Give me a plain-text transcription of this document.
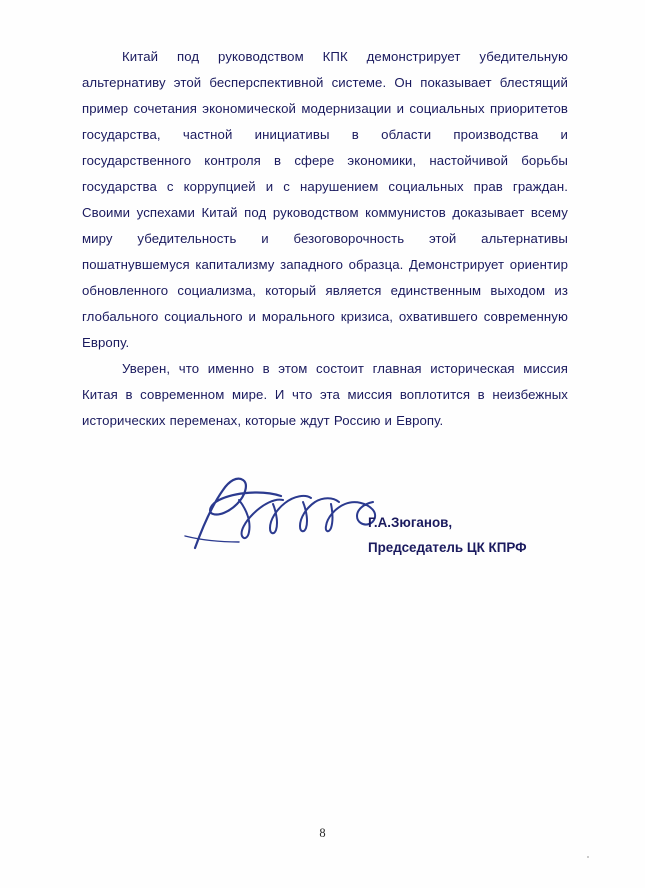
Китай под руководством КПК демонстрирует убедительную альтернативу этой бесперспективной системе. Он показывает блестящий пример сочетания экономической модернизации и социальных приоритетов государства, частной инициативы в области производства и государственного контроля в сфере экономики, настойчивой борьбы государства с коррупцией и с нарушением социальных прав граждан. Своими успехами Китай под руководством коммунистов доказывает всему миру убедительность и безоговорочность этой альтернативы пошатнувшемуся капитализму западного образца. Демонстрирует ориентир обновленного социализма, который является единственным выходом из глобального социального и морального кризиса, охватившего современную Европу.

Уверен, что именно в этом состоит главная историческая миссия Китая в современном мире. И что эта миссия воплотится в неизбежных исторических переменах, которые ждут Россию и Европу.

Г.А.Зюганов,
Председатель ЦК КПРФ
8
